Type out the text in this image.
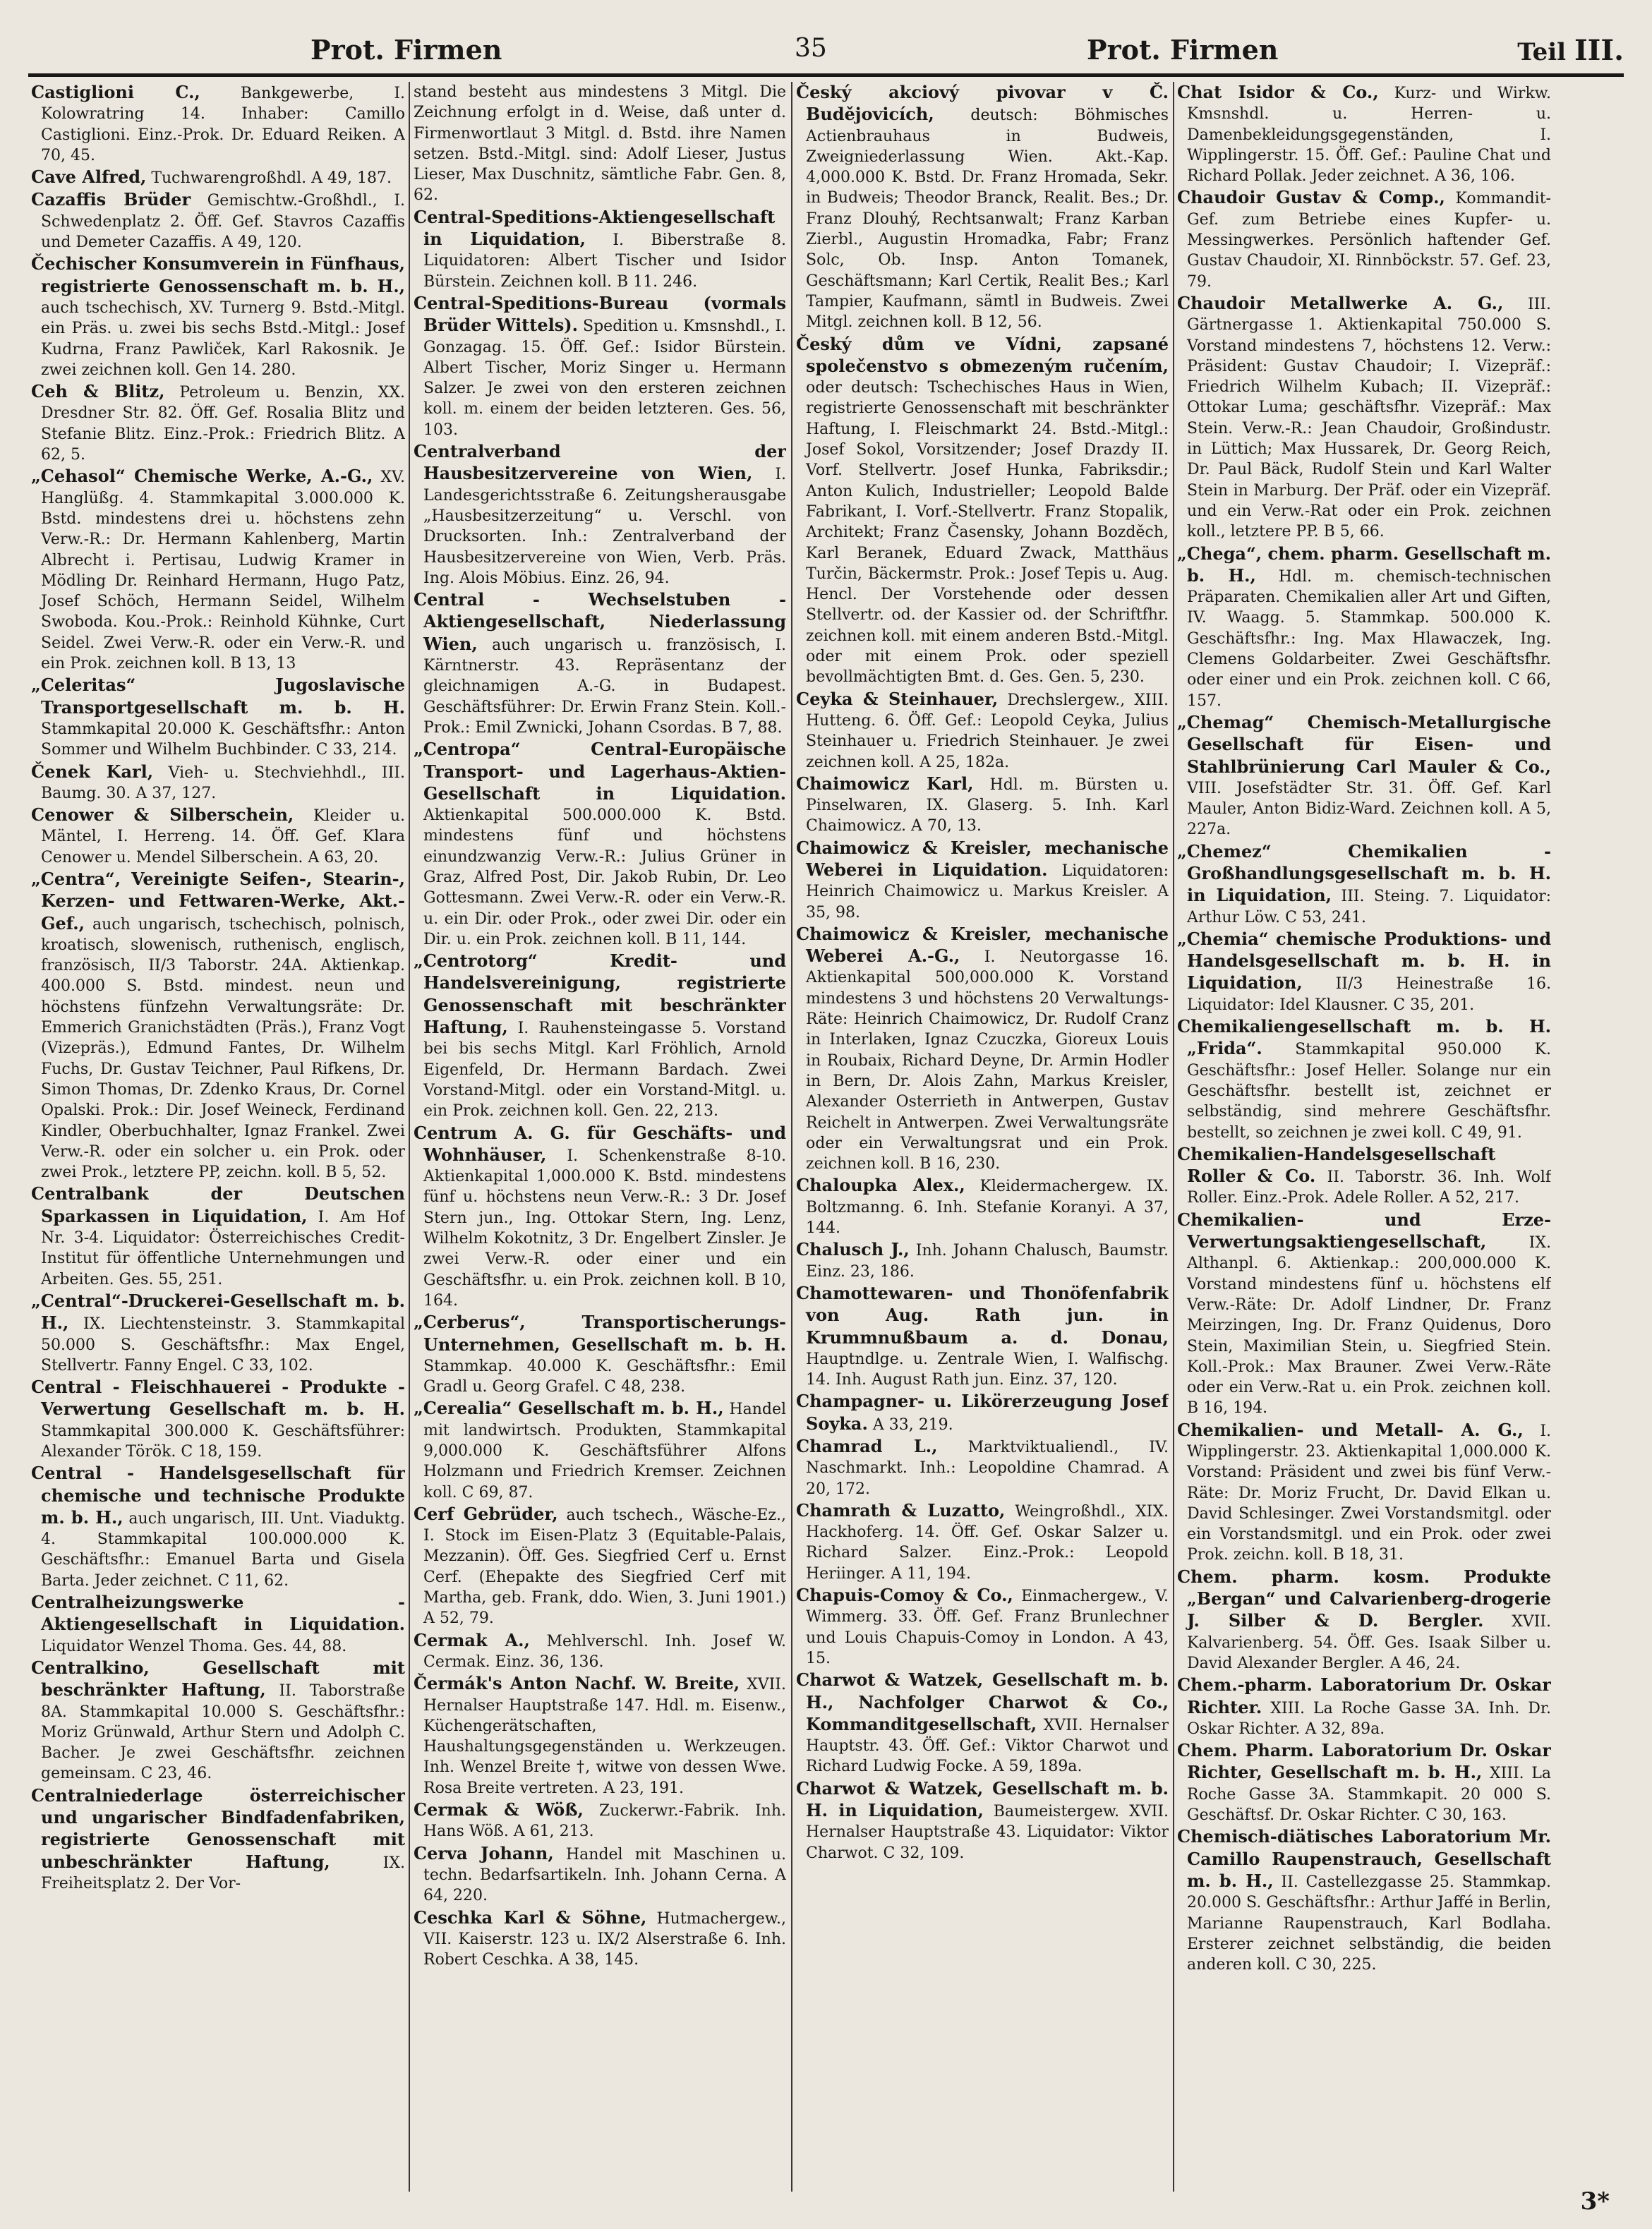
Prot. Firmen	35	Prot. Firmen	Teil III.

Castiglioni C.,	Bankgewerbe, I. Kolowratring 14. Inhaber: Camillo Castiglioni. Einz.-Prok. Dr. Eduard Reiken. A 70, 45.

Cave Alfred, Tuchwarengroßhdl. A 49, 187.

Cazaffis Brüder Gemischtw.-Großhdl., I. Schwedenplatz 2. Öff. Gef. Stavros Cazaffis und Demeter Cazaffis. A 49, 120.

Čechischer Konsumverein in Fünfhaus, registrierte Genossenschaft m. b. H., auch tschechisch, XV. Turnerg 9. Bstd.-Mitgl. ein Präs. u. zwei bis sechs Bstd.-Mitgl.: Josef Kudrna, Franz Pawliček, Karl Rakosnik. Je zwei zeichnen koll. Gen 14. 280.

Ceh & Blitz, Petroleum u. Benzin, XX. Dresdner Str. 82. Öff. Gef. Rosalia Blitz und Stefanie Blitz. Einz.-Prok.: Friedrich Blitz. A 62, 5.

„Cehasol“ Chemische Werke, A.-G., XV. Hanglüßg. 4. Stammkapital 3.000.000 K. Bstd. mindestens drei u. höchstens zehn Verw.-R.: Dr. Hermann Kahlenberg, Martin Albrecht i. Pertisau, Ludwig Kramer in Mödling Dr. Reinhard Hermann, Hugo Patz, Josef Schöch, Hermann Seidel, Wilhelm Swoboda. Kou.-Prok.: Reinhold Kühnke, Curt Seidel. Zwei Verw.-R. oder ein Verw.-R. und ein Prok. zeichnen koll. B 13, 13

„Celeritas“ Jugoslavische Transportgesellschaft m. b. H. Stammkapital 20.000 K. Geschäftsfhr.: Anton Sommer und Wilhelm Buchbinder. C 33, 214.

Čenek Karl, Vieh- u. Stechviehhdl., III. Baumg. 30. A 37, 127.

Cenower & Silberschein, Kleider u. Mäntel, I. Herreng. 14. Öff. Gef. Klara Cenower u. Mendel Silberschein. A 63, 20.

„Centra“, Vereinigte Seifen-, Stearin-, Kerzen- und Fettwaren-Werke, Akt.-Gef., auch ungarisch, tschechisch, polnisch, kroatisch, slowenisch, ruthenisch, englisch, französisch, II/3 Taborstr. 24A. Aktienkap. 400.000 S. Bstd. mindest. neun und höchstens fünfzehn Verwaltungsräte: Dr. Emmerich Granichstädten (Präs.), Franz Vogt (Vizepräs.), Edmund Fantes, Dr. Wilhelm Fuchs, Dr. Gustav Teichner, Paul Rifkens, Dr. Simon Thomas, Dr. Zdenko Kraus, Dr. Cornel Opalski. Prok.: Dir. Josef Weineck, Ferdinand Kindler, Oberbuchhalter, Ignaz Frankel. Zwei Verw.-R. oder ein solcher u. ein Prok. oder zwei Prok., letztere PP, zeichn. koll. B 5, 52.

Centralbank der Deutschen Sparkassen in Liquidation, I. Am Hof Nr. 3-4. Liquidator: Österreichisches Credit-Institut für öffentliche Unternehmungen und Arbeiten. Ges. 55, 251.

„Central“-Druckerei-Gesellschaft m. b. H., IX. Liechtensteinstr. 3. Stammkapital 50.000 S. Geschäftsfhr.: Max Engel, Stellvertr. Fanny Engel. C 33, 102.

Central - Fleischhauerei - Produkte - Verwertung Gesellschaft m. b. H. Stammkapital 300.000 K. Geschäftsführer: Alexander Török. C 18, 159.

Central - Handelsgesellschaft für chemische und technische Produkte m. b. H., auch ungarisch, III. Unt. Viaduktg. 4. Stammkapital 100.000.000 K. Geschäftsfhr.: Emanuel Barta und Gisela Barta. Jeder zeichnet. C 11, 62.

Centralheizungswerke - Aktiengesellschaft in Liquidation. Liquidator Wenzel Thoma. Ges. 44, 88.

Centralkino, Gesellschaft mit beschränkter Haftung, II. Taborstraße 8A. Stammkapital 10.000 S. Geschäftsfhr.: Moriz Grünwald, Arthur Stern und Adolph C. Bacher. Je zwei Geschäftsfhr. zeichnen gemeinsam. C 23, 46.

Centralniederlage österreichischer und ungarischer Bindfadenfabriken, registrierte Genossenschaft mit unbeschränkter Haftung,	IX. Freiheitsplatz 2. Der Vor-

stand besteht aus mindestens 3 Mitgl. Die Zeichnung erfolgt in d. Weise, daß unter d. Firmenwortlaut 3 Mitgl. d. Bstd. ihre Namen setzen. Bstd.-Mitgl. sind: Adolf Lieser, Justus Lieser, Max Duschnitz, sämtliche Fabr. Gen. 8, 62.

Central-Speditions-Aktiengesellschaft in Liquidation, I. Biberstraße 8. Liquidatoren: Albert Tischer und Isidor Bürstein. Zeichnen koll. B 11. 246.

Central-Speditions-Bureau (vormals Brüder Wittels). Spedition u. Kmsnshdl., I. Gonzagag. 15. Öff. Gef.: Isidor Bürstein. Albert Tischer, Moriz Singer u. Hermann Salzer. Je zwei von den ersteren zeichnen koll. m. einem der beiden letzteren. Ges. 56, 103.

Centralverband der Hausbesitzervereine von Wien, I. Landesgerichtsstraße 6. Zeitungsherausgabe „Hausbesitzerzeitung“ u. Verschl. von Drucksorten. Inh.: Zentralverband der Hausbesitzervereine von Wien, Verb. Präs. Ing. Alois Möbius. Einz. 26, 94.

Central - Wechselstuben - Aktiengesellschaft, Niederlassung Wien, auch ungarisch u. französisch, I. Kärntnerstr. 43. Repräsentanz der gleichnamigen A.-G. in Budapest. Geschäftsführer: Dr. Erwin Franz Stein. Koll.-Prok.: Emil Zwnicki, Johann Csordas. B 7, 88.

„Centropa“ Central-Europäische Transport- und Lagerhaus-Aktien-Gesellschaft in Liquidation. Aktienkapital 500.000.000 K. Bstd. mindestens fünf und höchstens einundzwanzig Verw.-R.: Julius Grüner in Graz, Alfred Post, Dir. Jakob Rubin, Dr. Leo Gottesmann. Zwei Verw.-R. oder ein Verw.-R. u. ein Dir. oder Prok., oder zwei Dir. oder ein Dir. u. ein Prok. zeichnen koll. B 11, 144.

„Centrotorg“ Kredit- und Handelsvereinigung, registrierte Genossenschaft mit beschränkter Haftung, I. Rauhensteingasse 5. Vorstand bei bis sechs Mitgl. Karl Fröhlich, Arnold Eigenfeld, Dr. Hermann Bardach. Zwei Vorstand-Mitgl. oder ein Vorstand-Mitgl. u. ein Prok. zeichnen koll. Gen. 22, 213.

Centrum A. G. für Geschäfts- und Wohnhäuser, I. Schenkenstraße 8-10. Aktienkapital 1,000.000 K. Bstd. mindestens fünf u. höchstens neun Verw.-R.: 3 Dr. Josef Stern jun., Ing. Ottokar Stern, Ing. Lenz, Wilhelm Kokotnitz, 3 Dr. Engelbert Zinsler. Je zwei Verw.-R. oder einer und ein Geschäftsfhr. u. ein Prok. zeichnen koll. B 10, 164.

„Cerberus“, Transportischerungs-Unternehmen, Gesellschaft m. b. H. Stammkap. 40.000 K. Geschäftsfhr.: Emil Gradl u. Georg Grafel. C 48, 238.

„Cerealia“ Gesellschaft m. b. H., Handel mit landwirtsch. Produkten, Stammkapital 9,000.000 K. Geschäftsführer Alfons Holzmann und Friedrich Kremser. Zeichnen koll. C 69, 87.

Cerf Gebrüder, auch tschech., Wäsche-Ez., I. Stock im Eisen-Platz 3 (Equitable-Palais, Mezzanin). Öff. Ges. Siegfried Cerf u. Ernst Cerf. (Ehepakte des Siegfried Cerf mit Martha, geb. Frank, ddo. Wien, 3. Juni 1901.) A 52, 79.

Cermak A., Mehlverschl. Inh. Josef W. Cermak. Einz. 36, 136.

Čermák's Anton Nachf. W. Breite, XVII. Hernalser Hauptstraße 147. Hdl. m. Eisenw., Küchengerätschaften, Haushaltungsgegenständen u. Werkzeugen. Inh. Wenzel Breite †, witwe von dessen Wwe. Rosa Breite vertreten. A 23, 191.

Cermak & Wöß, Zuckerwr.-Fabrik. Inh. Hans Wöß. A 61, 213.

Cerva Johann, Handel mit Maschinen u. techn. Bedarfsartikeln. Inh. Johann Cerna. A 64, 220.

Ceschka Karl & Söhne, Hutmachergew., VII. Kaiserstr. 123 u. IX/2 Alserstraße 6. Inh. Robert Ceschka. A 38, 145.

Český akciový pivovar v Č. Budějovicích, deutsch: Böhmisches Actienbrauhaus in Budweis, Zweigniederlassung Wien. Akt.-Kap. 4,000.000 K. Bstd. Dr. Franz Hromada, Sekr. in Budweis; Theodor Branck, Realit. Bes.; Dr. Franz Dlouhý, Rechtsanwalt; Franz Karban Zierbl., Augustin Hromadka, Fabr; Franz Solc, Ob. Insp. Anton Tomanek, Geschäftsmann; Karl Certik, Realit Bes.; Karl Tampier, Kaufmann, sämtl in Budweis. Zwei Mitgl. zeichnen koll. B 12, 56.

Český dům ve Vídni, zapsané společenstvo s obmezeným ručením, oder deutsch: Tschechisches Haus in Wien, registrierte Genossenschaft mit beschränkter Haftung, I. Fleischmarkt 24. Bstd.-Mitgl.: Josef Sokol, Vorsitzender; Josef Drazdy II. Vorf. Stellvertr. Josef Hunka, Fabriksdir.; Anton Kulich, Industrieller; Leopold Balde Fabrikant, I. Vorf.-Stellvertr. Franz Stopalik, Architekt; Franz Časensky, Johann Bozděch, Karl Beranek, Eduard Zwack, Matthäus Turčin, Bäckermstr. Prok.: Josef Tepis u. Aug. Hencl. Der Vorstehende oder dessen Stellvertr. od. der Kassier od. der Schriftfhr. zeichnen koll. mit einem anderen Bstd.-Mitgl. oder mit einem Prok. oder speziell bevollmächtigten Bmt. d. Ges. Gen. 5, 230.

Ceyka & Steinhauer, Drechslergew., XIII. Hutteng. 6. Öff. Gef.: Leopold Ceyka, Julius Steinhauer u. Friedrich Steinhauer. Je zwei zeichnen koll. A 25, 182a.

Chaimowicz Karl, Hdl. m. Bürsten u. Pinselwaren, IX. Glaserg. 5. Inh. Karl Chaimowicz. A 70, 13.

Chaimowicz & Kreisler, mechanische Weberei in Liquidation. Liquidatoren: Heinrich Chaimowicz u. Markus Kreisler. A 35, 98.

Chaimowicz & Kreisler, mechanische Weberei A.-G., I. Neutorgasse 16. Aktienkapital 500,000.000 K. Vorstand mindestens 3 und höchstens 20 Verwaltungs-Räte: Heinrich Chaimowicz, Dr. Rudolf Cranz in Interlaken, Ignaz Czuczka, Gioreux Louis in Roubaix, Richard Deyne, Dr. Armin Hodler in Bern, Dr. Alois Zahn, Markus Kreisler, Alexander Osterrieth in Antwerpen, Gustav Reichelt in Antwerpen. Zwei Verwaltungsräte oder ein Verwaltungsrat und ein Prok. zeichnen koll. B 16, 230.

Chaloupka Alex., Kleidermachergew. IX. Boltzmanng. 6. Inh. Stefanie Koranyi. A 37, 144.

Chalusch J., Inh. Johann Chalusch, Baumstr. Einz. 23, 186.

Chamottewaren- und Thonöfenfabrik von Aug. Rath jun. in Krummnußbaum a. d. Donau, Hauptndlge. u. Zentrale Wien, I. Walfischg. 14. Inh. August Rath jun. Einz. 37, 120.

Champagner- u. Likörerzeugung Josef Soyka. A 33, 219.

Chamrad L., Marktviktualiendl., IV. Naschmarkt. Inh.: Leopoldine Chamrad. A 20, 172.

Chamrath & Luzatto, Weingroßhdl., XIX. Hackhoferg. 14. Öff. Gef. Oskar Salzer u. Richard Salzer. Einz.-Prok.: Leopold Heriinger. A 11, 194.

Chapuis-Comoy & Co., Einmachergew., V. Wimmerg. 33. Öff. Gef. Franz Brunlechner und Louis Chapuis-Comoy in London. A 43, 15.

Charwot & Watzek, Gesellschaft m. b. H., Nachfolger Charwot & Co., Kommanditgesellschaft, XVII. Hernalser Hauptstr. 43. Öff. Gef.: Viktor Charwot und Richard Ludwig Focke. A 59, 189a.

Charwot & Watzek, Gesellschaft m. b. H. in Liquidation, Baumeistergew. XVII. Hernalser Hauptstraße 43. Liquidator: Viktor Charwot. C 32, 109.

Chat Isidor & Co., Kurz- und Wirkw. Kmsnshdl. u. Herren- u. Damenbekleidungsgegenständen, I. Wipplingerstr. 15. Öff. Gef.: Pauline Chat und Richard Pollak. Jeder zeichnet. A 36, 106.

Chaudoir Gustav & Comp., Kommandit-Gef. zum Betriebe eines Kupfer- u. Messingwerkes. Persönlich haftender Gef. Gustav Chaudoir, XI. Rinnböckstr. 57. Gef. 23, 79.

Chaudoir Metallwerke A. G., III. Gärtnergasse 1. Aktienkapital 750.000 S. Vorstand mindestens 7, höchstens 12. Verw.: Präsident: Gustav Chaudoir; I. Vizepräf.: Friedrich Wilhelm Kubach; II. Vizepräf.: Ottokar Luma; geschäftsfhr. Vizepräf.: Max Stein. Verw.-R.: Jean Chaudoir, Großindustr. in Lüttich; Max Hussarek, Dr. Georg Reich, Dr. Paul Bäck, Rudolf Stein und Karl Walter Stein in Marburg. Der Präf. oder ein Vizepräf. und ein Verw.-Rat oder ein Prok. zeichnen koll., letztere PP. B 5, 66.

„Chega“, chem. pharm. Gesellschaft m. b. H., Hdl. m. chemisch-technischen Präparaten. Chemikalien aller Art und Giften, IV. Waagg. 5. Stammkap. 500.000 K. Geschäftsfhr.: Ing. Max Hlawaczek, Ing. Clemens Goldarbeiter. Zwei Geschäftsfhr. oder einer und ein Prok. zeichnen koll. C 66, 157.

„Chemag“ Chemisch-Metallurgische Gesellschaft für Eisen- und Stahlbrünierung Carl Mauler & Co., VIII. Josefstädter Str. 31. Öff. Gef. Karl Mauler, Anton Bidiz-Ward. Zeichnen koll. A 5, 227a.

„Chemez“ Chemikalien - Großhandlungsgesellschaft m. b. H. in Liquidation, III. Steing. 7. Liquidator: Arthur Löw. C 53, 241.

„Chemia“ chemische Produktions- und Handelsgesellschaft m. b. H. in Liquidation, II/3 Heinestraße 16. Liquidator: Idel Klausner. C 35, 201.

Chemikaliengesellschaft m. b. H. „Frida“. Stammkapital 950.000 K. Geschäftsfhr.: Josef Heller. Solange nur ein Geschäftsfhr. bestellt ist, zeichnet er selbständig, sind mehrere Geschäftsfhr. bestellt, so zeichnen je zwei koll. C 49, 91.

Chemikalien-Handelsgesellschaft Roller & Co. II. Taborstr. 36. Inh. Wolf Roller. Einz.-Prok. Adele Roller. A 52, 217.

Chemikalien- und Erze-Verwertungsaktiengesellschaft,	IX. Althanpl. 6. Aktienkap.: 200,000.000 K. Vorstand mindestens fünf u. höchstens elf Verw.-Räte: Dr. Adolf Lindner, Dr. Franz Meirzingen, Ing. Dr. Franz Quidenus, Doro Stein, Maximilian Stein, u. Siegfried Stein. Koll.-Prok.: Max Brauner. Zwei Verw.-Räte oder ein Verw.-Rat u. ein Prok. zeichnen koll. B 16, 194.

Chemikalien- und Metall- A. G., I. Wipplingerstr. 23. Aktienkapital 1,000.000 K. Vorstand: Präsident und zwei bis fünf Verw.-Räte: Dr. Moriz Frucht, Dr. David Elkan u. David Schlesinger. Zwei Vorstandsmitgl. oder ein Vorstandsmitgl. und ein Prok. oder zwei Prok. zeichn. koll. B 18, 31.

Chem. pharm. kosm. Produkte „Bergan“ und Calvarienberg-drogerie J. Silber & D. Bergler. XVII. Kalvarienberg. 54. Öff. Ges. Isaak Silber u. David Alexander Bergler. A 46, 24.

Chem.-pharm. Laboratorium Dr. Oskar Richter. XIII. La Roche Gasse 3A. Inh. Dr. Oskar Richter. A 32, 89a.

Chem. Pharm. Laboratorium Dr. Oskar Richter, Gesellschaft m. b. H., XIII. La Roche Gasse 3A. Stammkapit. 20 000 S. Geschäftsf. Dr. Oskar Richter. C 30, 163.

Chemisch-diätisches Laboratorium Mr. Camillo Raupenstrauch, Gesellschaft m. b. H., II. Castellezgasse 25. Stammkap. 20.000 S. Geschäftsfhr.: Arthur Jaffé in Berlin, Marianne Raupenstrauch, Karl Bodlaha. Ersterer zeichnet selbständig, die beiden anderen koll. C 30, 225.

3*
